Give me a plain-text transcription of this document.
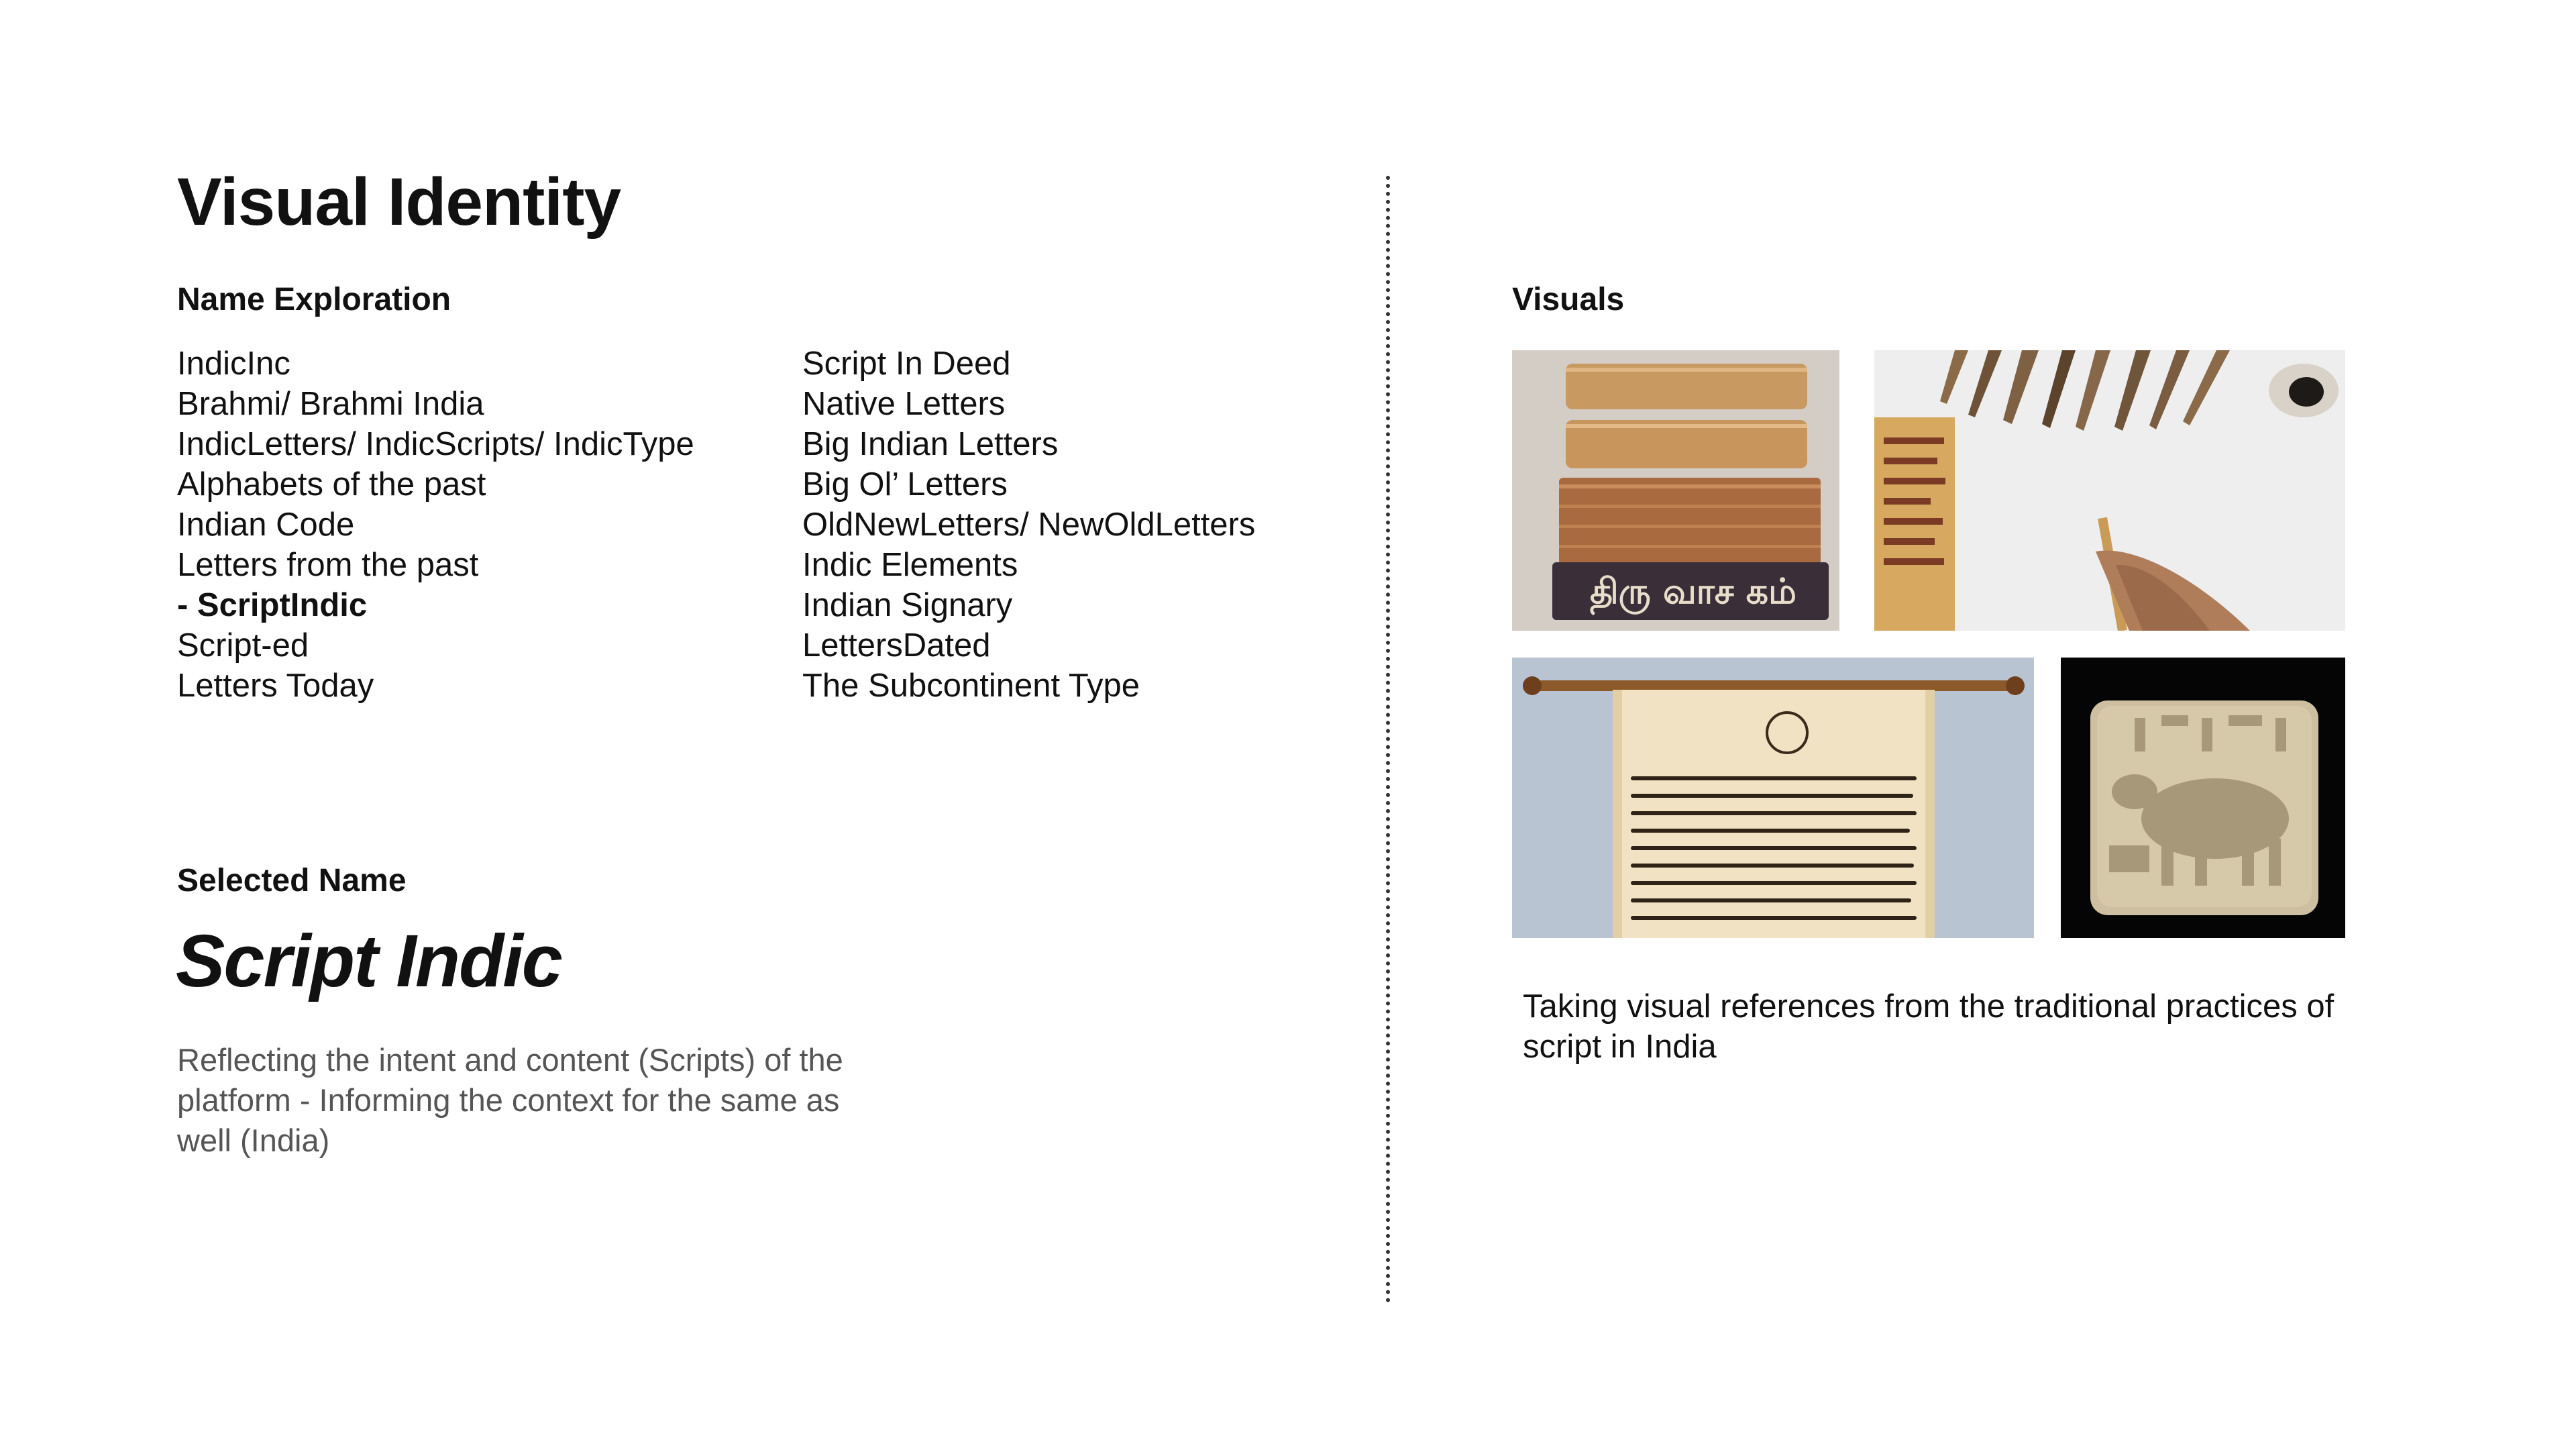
Visual Identity
Name Exploration
IndicInc
Brahmi/ Brahmi India
IndicLetters/ IndicScripts/ IndicType
Alphabets of the past
Indian Code
Letters from the past
- ScriptIndic
Script-ed
Letters Today
Script In Deed
Native Letters
Big Indian Letters
Big Ol’ Letters
OldNewLetters/ NewOldLetters
Indic Elements
Indian Signary
LettersDated
The Subcontinent Type
Selected Name
Script Indic
Reflecting the intent and content (Scripts) of the platform - Informing the context for the same as well (India)
Visuals
திரு வாச கம்
Taking visual references from the traditional practices of script in India
